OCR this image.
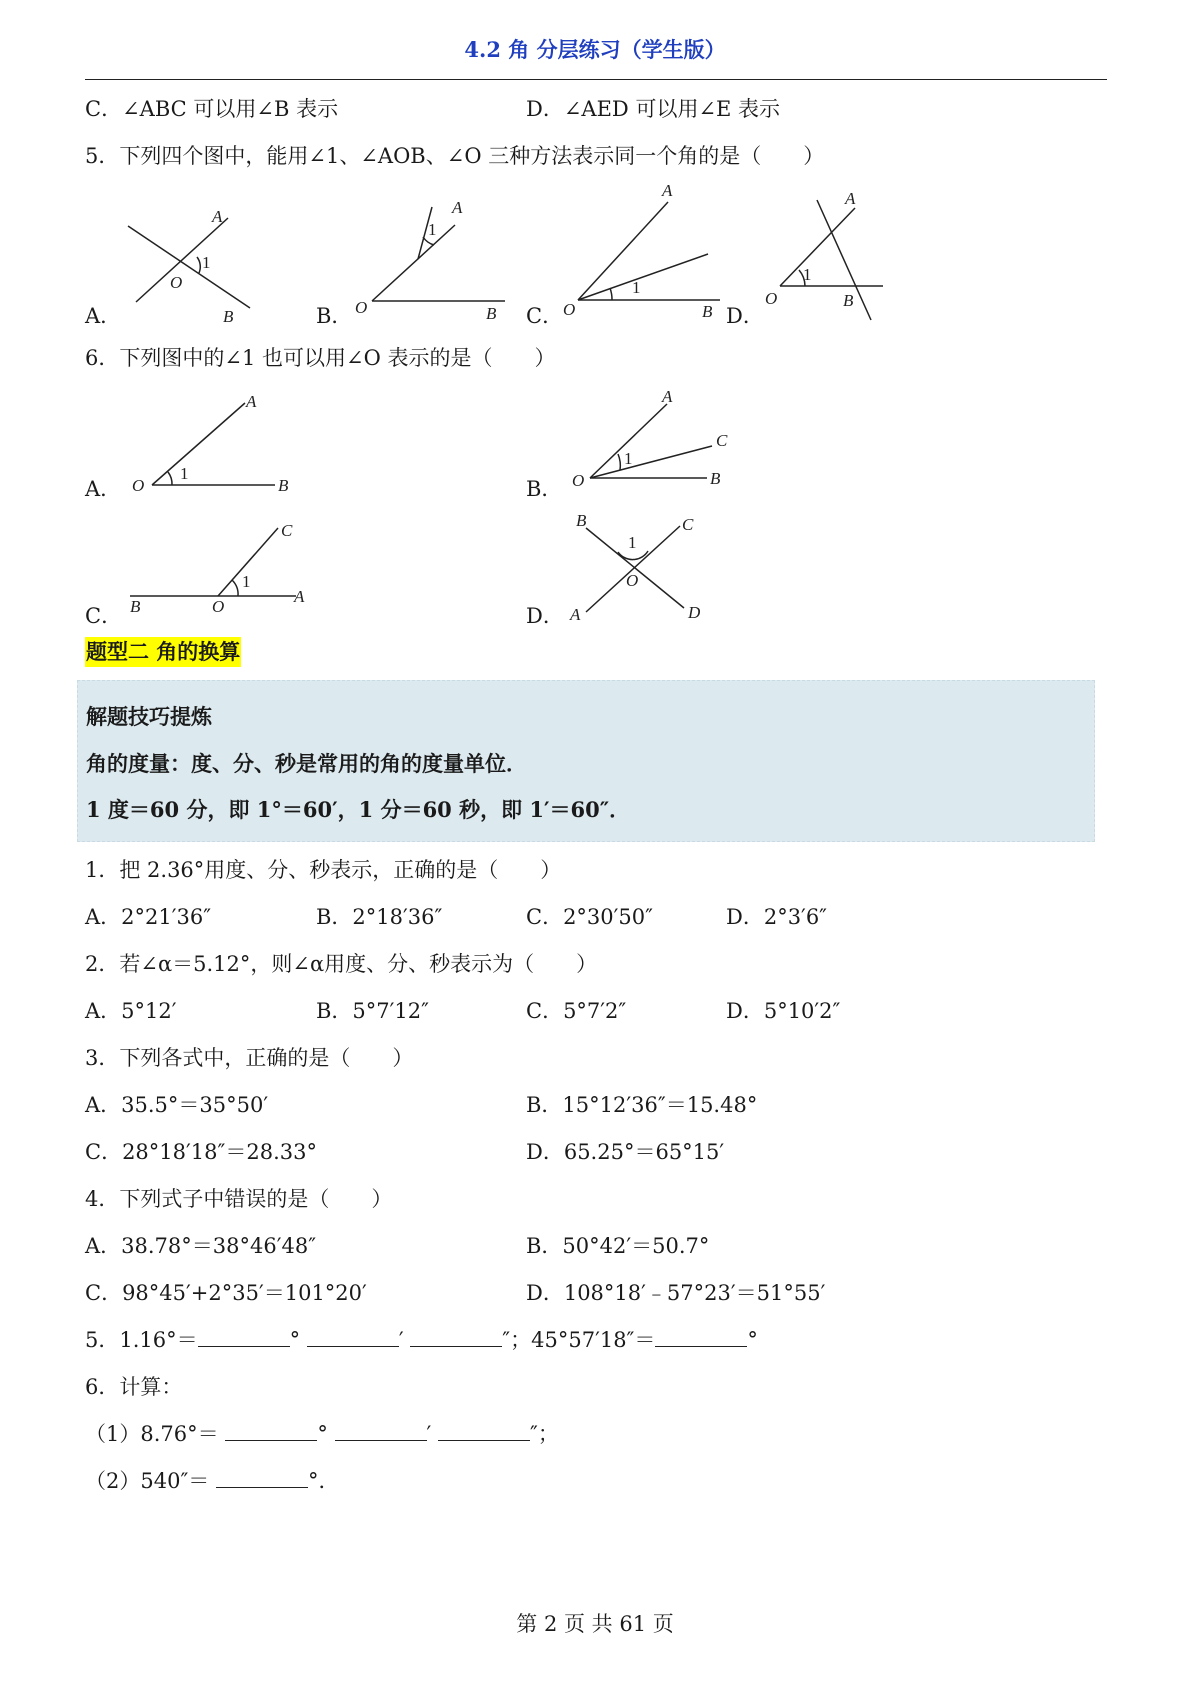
4.2 角 分层练习（学生版）
C．∠ABC 可以用∠B 表示	D．∠AED 可以用∠E 表示
5．下列四个图中，能用∠1、∠AOB、∠O 三种方法表示同一个角的是（　　）
A．	B．	C．	D．
A
1
O
B
A
1
O	B
A
1
O	B
A
1
O	B
6．下列图中的∠1 也可以用∠O 表示的是（　　）
A．	B．
C．	D．
A
1
O	B
A
C
1
O	B
C
1
B	O
A
B	C
1
O
A	D
题型二 角的换算
解题技巧提炼
角的度量：度、分、秒是常用的角的度量单位．
1 度＝60 分，即 1°＝60′，1 分＝60 秒，即 1′＝60″．
1．把 2.36°用度、分、秒表示，正确的是（　　）
A．2°21′36″	B．2°18′36″	C．2°30′50″	D．2°3′6″
2．若∠α＝5.12°，则∠α用度、分、秒表示为（　　）
A．5°12′	B．5°7′12″	C．5°7′2″	D．5°10′2″
3．下列各式中，正确的是（　　）
A．35.5°＝35°50′	B．15°12′36″＝15.48°
C．28°18′18″＝28.33°	D．65.25°＝65°15′
4．下列式子中错误的是（　　）
A．38.78°＝38°46′48″	B．50°42′＝50.7°
C．98°45′+2°35′＝101°20′	D．108°18′﹣57°23′＝51°55′
5．1.16°＝	°	′	″；45°57′18″＝	°
6．计算：
（1）8.76°＝	°	′	″；
（2）540″＝	°．
第 2 页 共 61 页
